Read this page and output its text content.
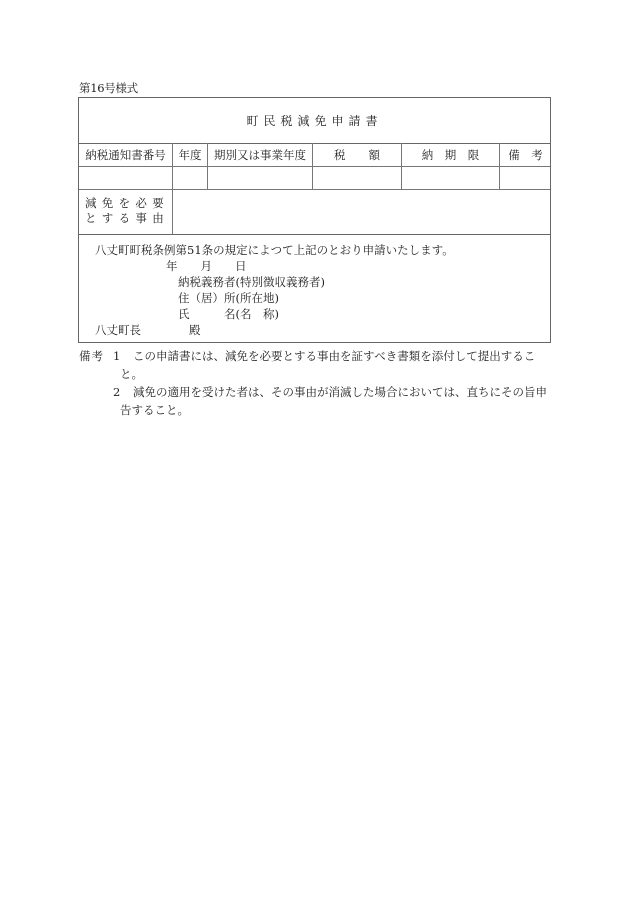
第16号様式
町民税減免申請書
納税通知書番号	年度	期別又は事業年度	税　　額	納　期　限	備　考
減免を必要
とする事由
八丈町町税条例第51条の規定によつて上記のとおり申請いたします。
年　　月　　日
納税義務者(特別徴収義務者)
住（居）所(所在地)
氏　　　名(名　称)
八丈町長	殿
備考 1 この申請書には、減免を必要とする事由を証すべき書類を添付して提出するこ
と。
2 減免の適用を受けた者は、その事由が消滅した場合においては、直ちにその旨申
告すること。
